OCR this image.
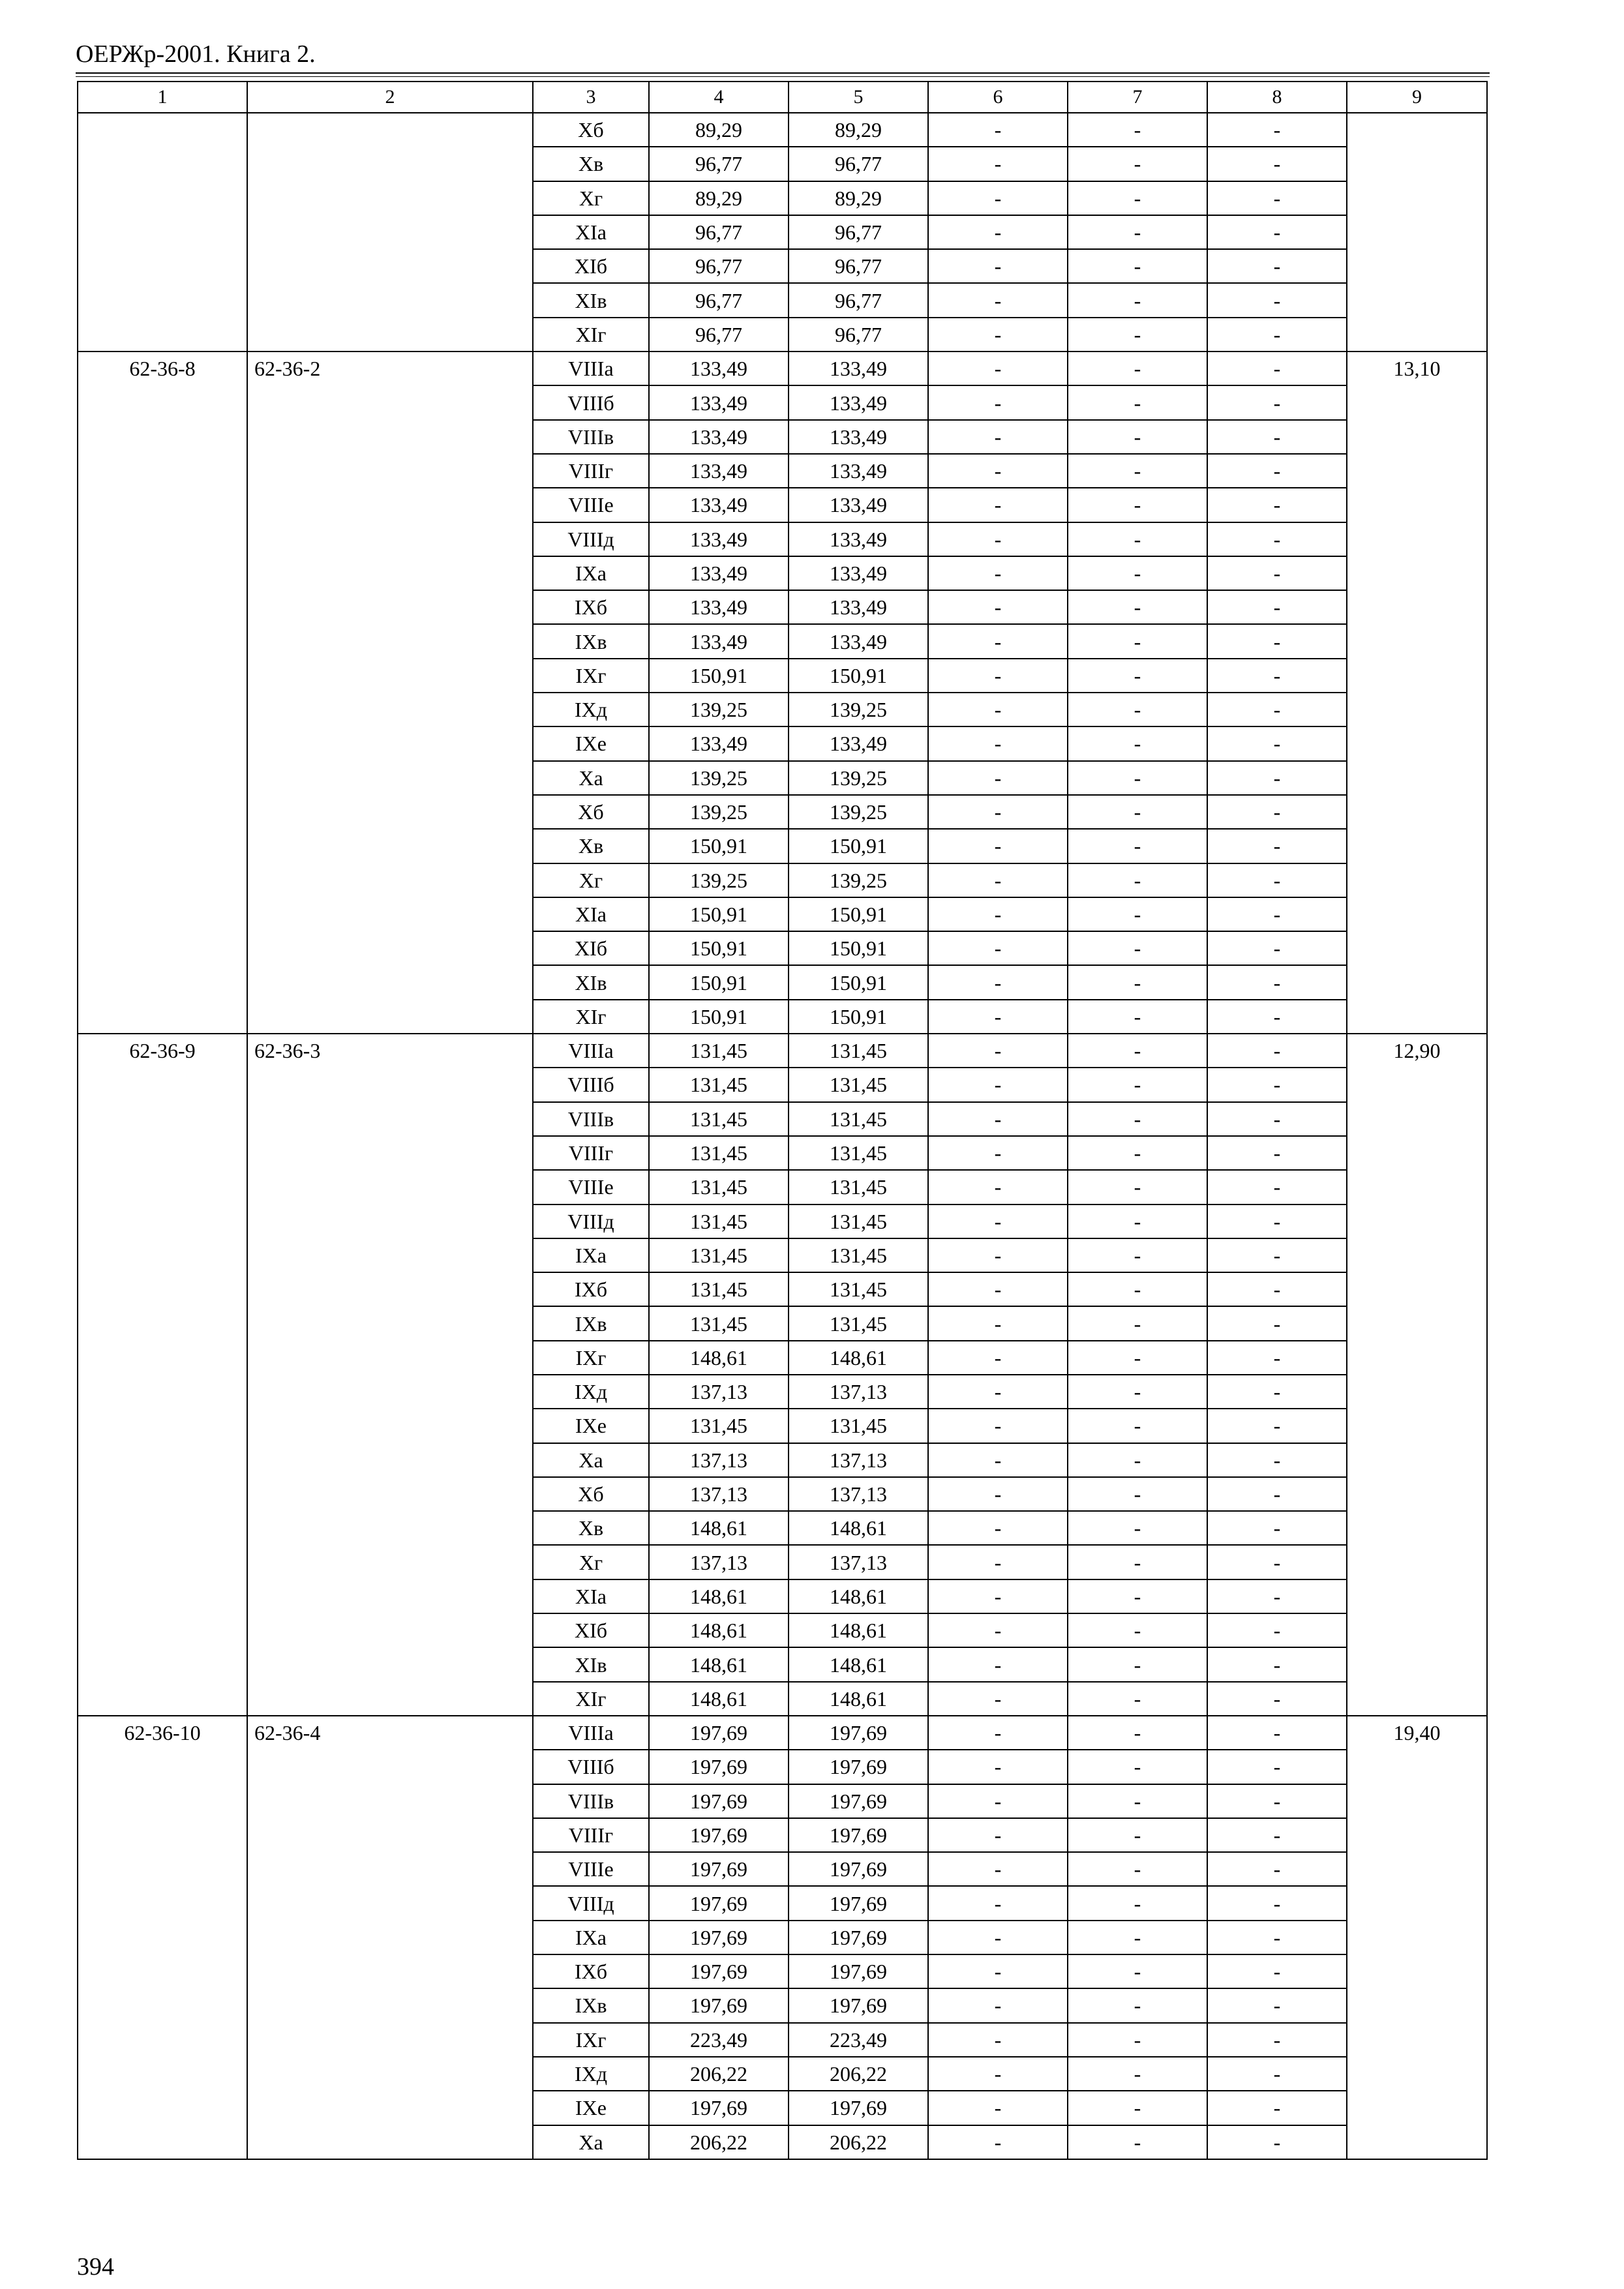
ОЕРЖр-2001. Книга 2.
1	2	3	4	5	6	7	8	9
		Xб	89,29	89,29	-	-	-	
		Xв	96,77	96,77	-	-	-	
		Xг	89,29	89,29	-	-	-	
		XIа	96,77	96,77	-	-	-	
		XIб	96,77	96,77	-	-	-	
		XIв	96,77	96,77	-	-	-	
		XIг	96,77	96,77	-	-	-	
62-36-8	62-36-2	VIIIа	133,49	133,49	-	-	-	13,10
		VIIIб	133,49	133,49	-	-	-	
		VIIIв	133,49	133,49	-	-	-	
		VIIIг	133,49	133,49	-	-	-	
		VIIIе	133,49	133,49	-	-	-	
		VIIIд	133,49	133,49	-	-	-	
		IXа	133,49	133,49	-	-	-	
		IXб	133,49	133,49	-	-	-	
		IXв	133,49	133,49	-	-	-	
		IXг	150,91	150,91	-	-	-	
		IXд	139,25	139,25	-	-	-	
		IXе	133,49	133,49	-	-	-	
		Xа	139,25	139,25	-	-	-	
		Xб	139,25	139,25	-	-	-	
		Xв	150,91	150,91	-	-	-	
		Xг	139,25	139,25	-	-	-	
		XIа	150,91	150,91	-	-	-	
		XIб	150,91	150,91	-	-	-	
		XIв	150,91	150,91	-	-	-	
		XIг	150,91	150,91	-	-	-	
62-36-9	62-36-3	VIIIа	131,45	131,45	-	-	-	12,90
		VIIIб	131,45	131,45	-	-	-	
		VIIIв	131,45	131,45	-	-	-	
		VIIIг	131,45	131,45	-	-	-	
		VIIIе	131,45	131,45	-	-	-	
		VIIIд	131,45	131,45	-	-	-	
		IXа	131,45	131,45	-	-	-	
		IXб	131,45	131,45	-	-	-	
		IXв	131,45	131,45	-	-	-	
		IXг	148,61	148,61	-	-	-	
		IXд	137,13	137,13	-	-	-	
		IXе	131,45	131,45	-	-	-	
		Xа	137,13	137,13	-	-	-	
		Xб	137,13	137,13	-	-	-	
		Xв	148,61	148,61	-	-	-	
		Xг	137,13	137,13	-	-	-	
		XIа	148,61	148,61	-	-	-	
		XIб	148,61	148,61	-	-	-	
		XIв	148,61	148,61	-	-	-	
		XIг	148,61	148,61	-	-	-	
62-36-10	62-36-4	VIIIа	197,69	197,69	-	-	-	19,40
		VIIIб	197,69	197,69	-	-	-	
		VIIIв	197,69	197,69	-	-	-	
		VIIIг	197,69	197,69	-	-	-	
		VIIIе	197,69	197,69	-	-	-	
		VIIIд	197,69	197,69	-	-	-	
		IXа	197,69	197,69	-	-	-	
		IXб	197,69	197,69	-	-	-	
		IXв	197,69	197,69	-	-	-	
		IXг	223,49	223,49	-	-	-	
		IXд	206,22	206,22	-	-	-	
		IXе	197,69	197,69	-	-	-	
		Xа	206,22	206,22	-	-	-	
394
